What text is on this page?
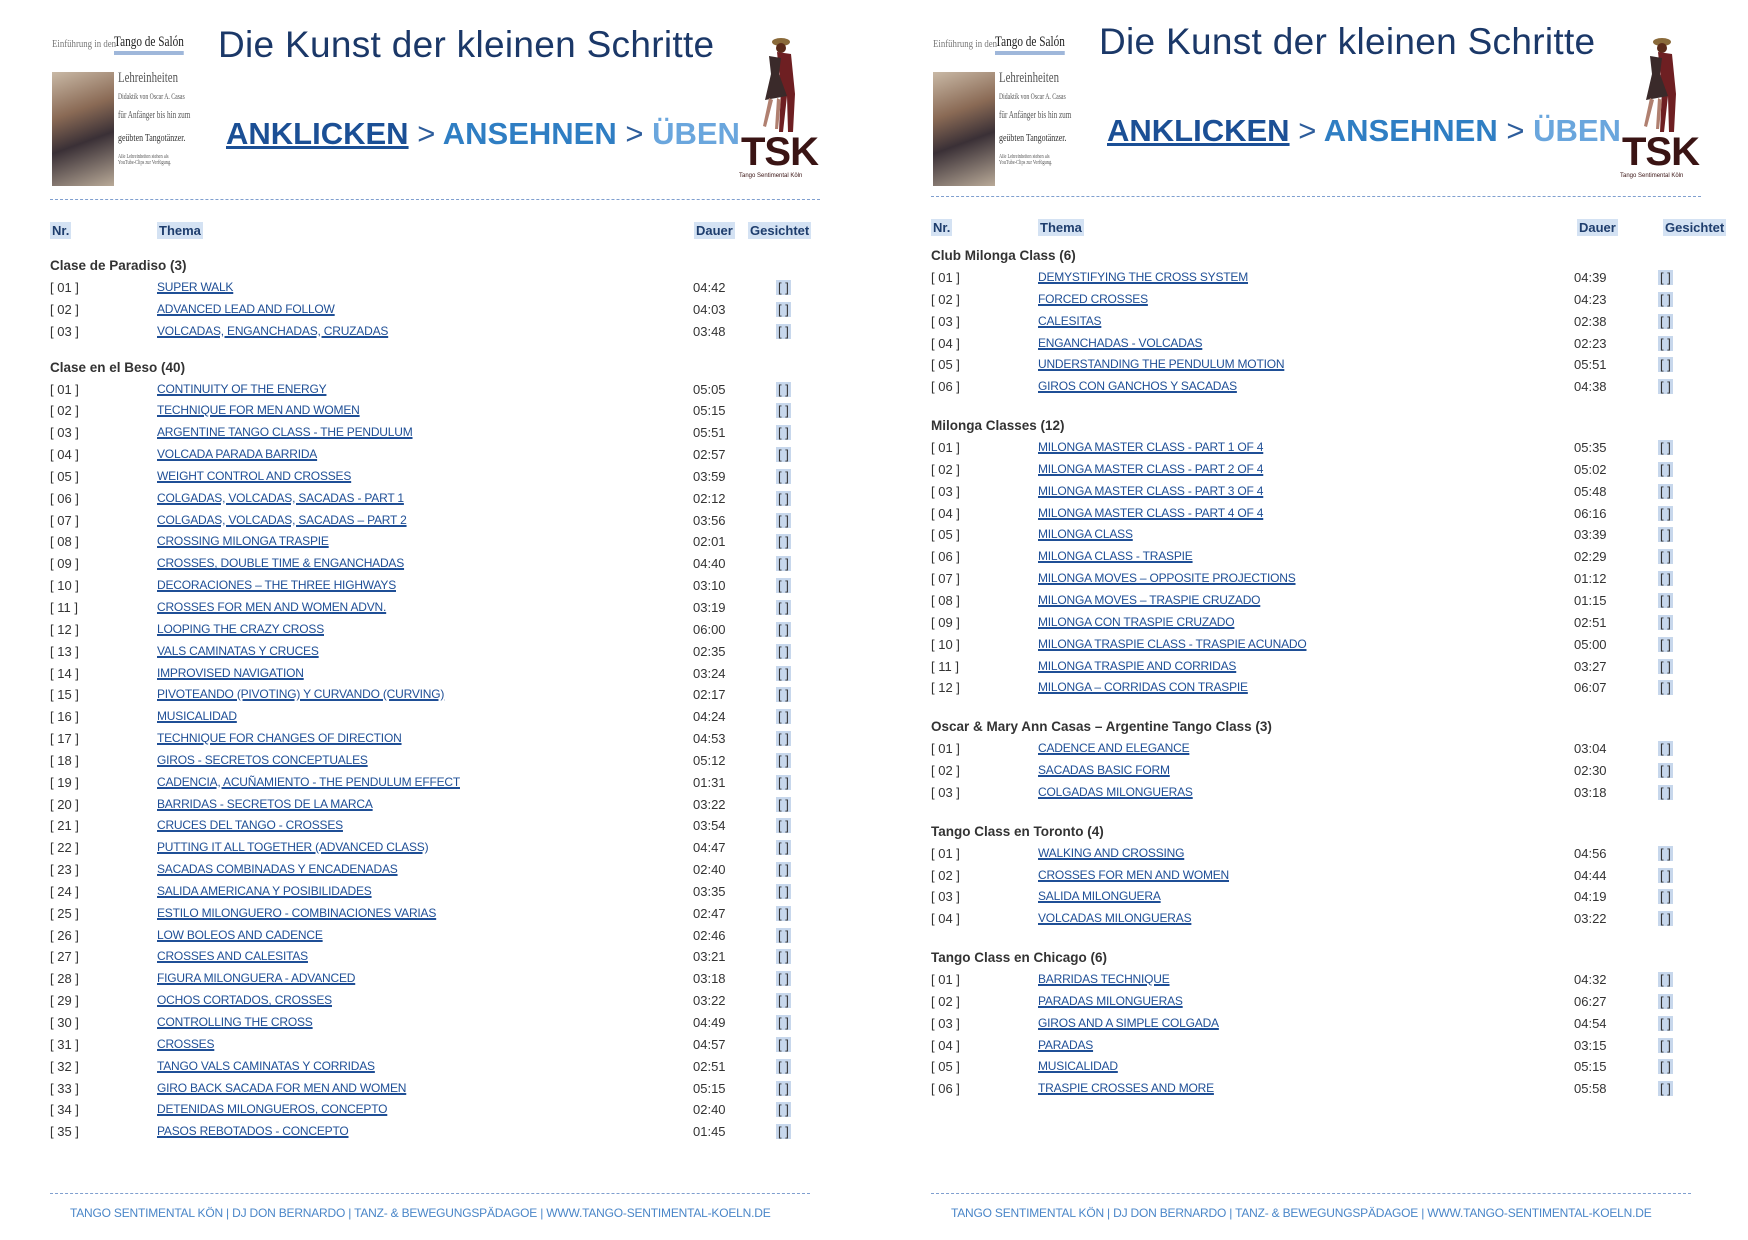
Einführung in den
Tango de Salón
Lehreinheiten
Didaktik von Oscar A. Casas
für Anfänger bis hin zum
geübten Tangotänzer.
Alle Lehreinheiten stehen als YouTube-Clips zur Verfügung.
Die Kunst der kleinen Schritte
ANKLICKEN > ANSEHNEN > ÜBEN TSK
Tango Sentimental Köln
Nr.	Thema	Dauer Gesichtet
Clase de Paradiso (3)
[ 01 ]	SUPER WALK	04:42	[ ]
[ 02 ]	ADVANCED LEAD AND FOLLOW	04:03	[ ]
[ 03 ]	VOLCADAS, ENGANCHADAS, CRUZADAS	03:48	[ ]
Clase en el Beso (40)
[ 01 ]	CONTINUITY OF THE ENERGY	05:05	[ ]
[ 02 ]	TECHNIQUE FOR MEN AND WOMEN	05:15	[ ]
[ 03 ]	ARGENTINE TANGO CLASS - THE PENDULUM	05:51	[ ]
[ 04 ]	VOLCADA PARADA BARRIDA	02:57	[ ]
[ 05 ]	WEIGHT CONTROL AND CROSSES	03:59	[ ]
[ 06 ]	COLGADAS, VOLCADAS, SACADAS - PART 1	02:12	[ ]
[ 07 ]	COLGADAS, VOLCADAS, SACADAS – PART 2	03:56	[ ]
[ 08 ]	CROSSING MILONGA TRASPIE	02:01	[ ]
[ 09 ]	CROSSES, DOUBLE TIME & ENGANCHADAS	04:40	[ ]
[ 10 ]	DECORACIONES – THE THREE HIGHWAYS	03:10	[ ]
[ 11 ]	CROSSES FOR MEN AND WOMEN ADVN.	03:19	[ ]
[ 12 ]	LOOPING THE CRAZY CROSS	06:00	[ ]
[ 13 ]	VALS CAMINATAS Y CRUCES	02:35	[ ]
[ 14 ]	IMPROVISED NAVIGATION	03:24	[ ]
[ 15 ]	PIVOTEANDO (PIVOTING) Y CURVANDO (CURVING)	02:17	[ ]
[ 16 ]	MUSICALIDAD	04:24	[ ]
[ 17 ]	TECHNIQUE FOR CHANGES OF DIRECTION	04:53	[ ]
[ 18 ]	GIROS - SECRETOS CONCEPTUALES	05:12	[ ]
[ 19 ]	CADENCIA, ACUÑAMIENTO - THE PENDULUM EFFECT	01:31	[ ]
[ 20 ]	BARRIDAS - SECRETOS DE LA MARCA	03:22	[ ]
[ 21 ]	CRUCES DEL TANGO - CROSSES	03:54	[ ]
[ 22 ]	PUTTING IT ALL TOGETHER (ADVANCED CLASS)	04:47	[ ]
[ 23 ]	SACADAS COMBINADAS Y ENCADENADAS	02:40	[ ]
[ 24 ]	SALIDA AMERICANA Y POSIBILIDADES	03:35	[ ]
[ 25 ]	ESTILO MILONGUERO - COMBINACIONES VARIAS	02:47	[ ]
[ 26 ]	LOW BOLEOS AND CADENCE	02:46	[ ]
[ 27 ]	CROSSES AND CALESITAS	03:21	[ ]
[ 28 ]	FIGURA MILONGUERA - ADVANCED	03:18	[ ]
[ 29 ]	OCHOS CORTADOS, CROSSES	03:22	[ ]
[ 30 ]	CONTROLLING THE CROSS	04:49	[ ]
[ 31 ]	CROSSES	04:57	[ ]
[ 32 ]	TANGO VALS CAMINATAS Y CORRIDAS	02:51	[ ]
[ 33 ]	GIRO BACK SACADA FOR MEN AND WOMEN	05:15	[ ]
[ 34 ]	DETENIDAS MILONGUEROS, CONCEPTO	02:40	[ ]
[ 35 ]	PASOS REBOTADOS - CONCEPTO	01:45	[ ]
TANGO SENTIMENTAL KÖN | DJ DON BERNARDO | TANZ- & BEWEGUNGSPÄDAGOE | WWW.TANGO-SENTIMENTAL-KOELN.DE
Einführung in den
Tango de Salón
Lehreinheiten
Didaktik von Oscar A. Casas
für Anfänger bis hin zum
geübten Tangotänzer.
Alle Lehreinheiten stehen als YouTube-Clips zur Verfügung.
Die Kunst der kleinen Schritte
ANKLICKEN > ANSEHNEN > ÜBEN TSK
Tango Sentimental Köln
Nr.	Thema	Dauer	Gesichtet
Club Milonga Class (6)
[ 01 ]	DEMYSTIFYING THE CROSS SYSTEM	04:39	[ ]
[ 02 ]	FORCED CROSSES	04:23	[ ]
[ 03 ]	CALESITAS	02:38	[ ]
[ 04 ]	ENGANCHADAS - VOLCADAS	02:23	[ ]
[ 05 ]	UNDERSTANDING THE PENDULUM MOTION	05:51	[ ]
[ 06 ]	GIROS CON GANCHOS Y SACADAS	04:38	[ ]
Milonga Classes (12)
[ 01 ]	MILONGA MASTER CLASS - PART 1 OF 4	05:35	[ ]
[ 02 ]	MILONGA MASTER CLASS - PART 2 OF 4	05:02	[ ]
[ 03 ]	MILONGA MASTER CLASS - PART 3 OF 4	05:48	[ ]
[ 04 ]	MILONGA MASTER CLASS - PART 4 OF 4	06:16	[ ]
[ 05 ]	MILONGA CLASS	03:39	[ ]
[ 06 ]	MILONGA CLASS - TRASPIE	02:29	[ ]
[ 07 ]	MILONGA MOVES – OPPOSITE PROJECTIONS	01:12	[ ]
[ 08 ]	MILONGA MOVES – TRASPIE CRUZADO	01:15	[ ]
[ 09 ]	MILONGA CON TRASPIE CRUZADO	02:51	[ ]
[ 10 ]	MILONGA TRASPIE CLASS - TRASPIE ACUNADO	05:00	[ ]
[ 11 ]	MILONGA TRASPIE AND CORRIDAS	03:27	[ ]
[ 12 ]	MILONGA – CORRIDAS CON TRASPIE	06:07	[ ]
Oscar & Mary Ann Casas – Argentine Tango Class (3)
[ 01 ]	CADENCE AND ELEGANCE	03:04	[ ]
[ 02 ]	SACADAS BASIC FORM	02:30	[ ]
[ 03 ]	COLGADAS MILONGUERAS	03:18	[ ]
Tango Class en Toronto (4)
[ 01 ]	WALKING AND CROSSING	04:56	[ ]
[ 02 ]	CROSSES FOR MEN AND WOMEN	04:44	[ ]
[ 03 ]	SALIDA MILONGUERA	04:19	[ ]
[ 04 ]	VOLCADAS MILONGUERAS	03:22	[ ]
Tango Class en Chicago (6)
[ 01 ]	BARRIDAS TECHNIQUE	04:32	[ ]
[ 02 ]	PARADAS MILONGUERAS	06:27	[ ]
[ 03 ]	GIROS AND A SIMPLE COLGADA	04:54	[ ]
[ 04 ]	PARADAS	03:15	[ ]
[ 05 ]	MUSICALIDAD	05:15	[ ]
[ 06 ]	TRASPIE CROSSES AND MORE	05:58	[ ]
TANGO SENTIMENTAL KÖN | DJ DON BERNARDO | TANZ- & BEWEGUNGSPÄDAGOE | WWW.TANGO-SENTIMENTAL-KOELN.DE
